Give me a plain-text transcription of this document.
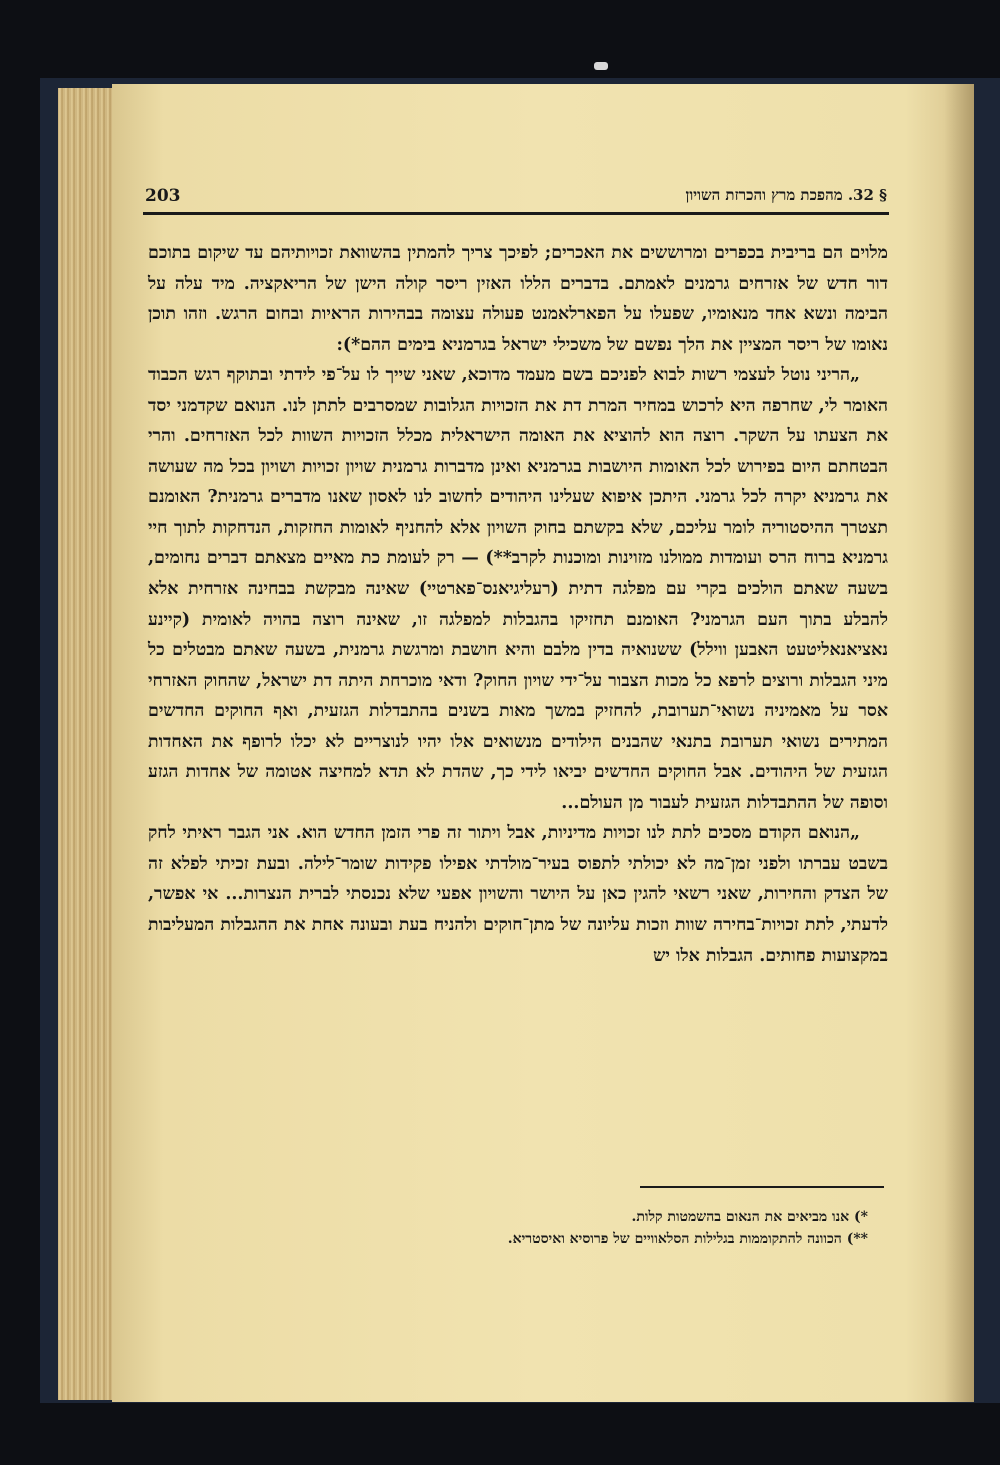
203	§ 32. מהפכת מרץ והכרזת השויון

מלוים הם בריבית בכפרים ומרוששים את האכרים; לפיכך צריך להמתין בהשוואת זכויותיהם עד שיקום בתוכם דור חדש של אזרחים גרמנים לאמתם. בדברים הללו האזין ריסר קולה הישן של הריאקציה. מיד עלה על הבימה ונשא אחד מנאומיו, שפעלו על הפארלאמנט פעולה עצומה בבהירות הראיות ובחום הרגש. וזהו תוכן נאומו של ריסר המציין את הלך נפשם של משכילי ישראל בגרמניא בימים ההם*):

„הריני נוטל לעצמי רשות לבוא לפניכם בשם מעמד מדוכא, שאני שייך לו על־פי לידתי ובתוקף רגש הכבוד האומר לי, שחרפה היא לרכוש במחיר המרת דת את הזכויות הגלובות שמסרבים לתתן לנו. הנואם שקדמני יסד את הצעתו על השקר. רוצה הוא להוציא את האומה הישראלית מכלל הזכויות השוות לכל האזרחים. והרי הבטחתם היום בפירוש לכל האומות היושבות בגרמניא ואינן מדברות גרמנית שויון זכויות ושויון בכל מה שעושה את גרמניא יקרה לכל גרמני. היתכן איפוא שעלינו היהודים לחשוב לנו לאסון שאנו מדברים גרמנית? האומנם תצטרך ההיסטוריה לומר עליכם, שלא בקשתם בחוק השויון אלא להחניף לאומות החזקות, הנדחקות לתוך חיי גרמניא ברוח הרס ועומדות ממולנו מזוינות ומוכנות לקרב**) — רק לעומת כת מאיים מצאתם דברים נחומים, בשעה שאתם הולכים בקרי עם מפלגה דתית (רעליגיאנס־פארטיי) שאינה מבקשת בבחינה אזרחית אלא להבלע בתוך העם הגרמני? האומנם תחזיקו בהגבלות למפלגה זו, שאינה רוצה בהויה לאומית (קיינע נאציאנאליטעט האבען ווילל) ששנואיה בדין מלבם והיא חושבת ומרגשת גרמנית, בשעה שאתם מבטלים כל מיני הגבלות ורוצים לרפא כל מכות הצבור על־ידי שויון החוק? ודאי מוכרחת היתה דת ישראל, שהחוק האזרחי אסר על מאמיניה נשואי־תערובת, להחזיק במשך מאות בשנים בהתבדלות הגזעית, ואף החוקים החדשים המתירים נשואי תערובת בתנאי שהבנים הילודים מנשואים אלו יהיו לנוצריים לא יכלו לרופף את האחדות הגזעית של היהודים. אבל החוקים החדשים יביאו לידי כך, שהדת לא תדא למחיצה אטומה של אחדות הגזע וסופה של ההתבדלות הגזעית לעבור מן העולם...

„הנואם הקודם מסכים לתת לנו זכויות מדיניות, אבל ויתור זה פרי הזמן החדש הוא. אני הגבר ראיתי לחק בשבט עברתו ולפני זמן־מה לא יכולתי לתפוס בעיר־מולדתי אפילו פקידות שומר־לילה. ובעת זכיתי לפלא זה של הצדק והחירות, שאני רשאי להגין כאן על היושר והשויון אפעי שלא נכנסתי לברית הנצרות... אי אפשר, לדעתי, לתת זכויות־בחירה שוות וזכות עליונה של מתן־חוקים ולהניח בעת ובעונה אחת את ההגבלות המעליבות במקצועות פחותים. הגבלות אלו יש

*) אנו מביאים את הנאום בהשמטות קלות.

**) הכוונה להתקוממות בגלילות הסלאוויים של פרוסיא ואיסטריא.
